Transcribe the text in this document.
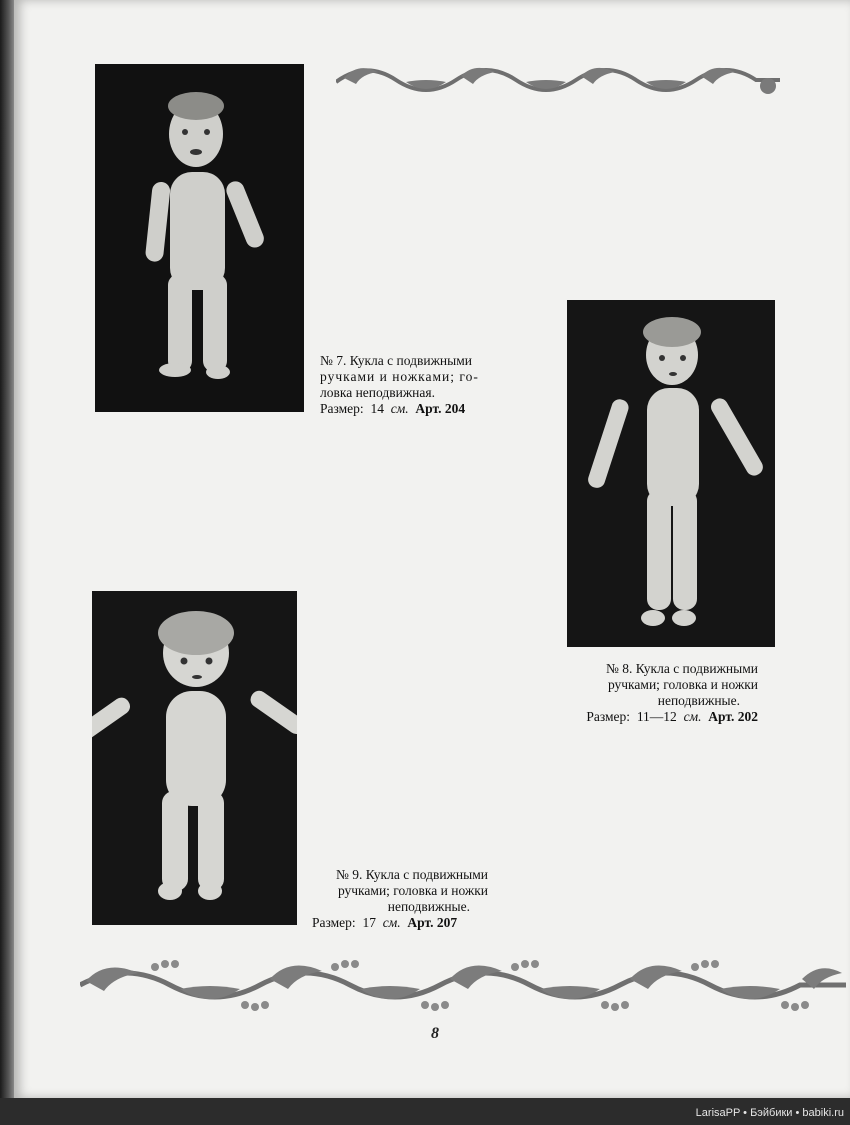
№ 7. Кукла с подвижными
ручками и ножками; го-
ловка неподвижная.
Размер: 14 см. Арт. 204
№ 8. Кукла с подвижными
ручками; головка и ножки
неподвижные.
Размер: 11—12 см. Арт. 202
№ 9. Кукла с подвижными
ручками; головка и ножки
неподвижные.
Размер: 17 см. Арт. 207
8
LarisaPP • Бэйбики • babiki.ru
